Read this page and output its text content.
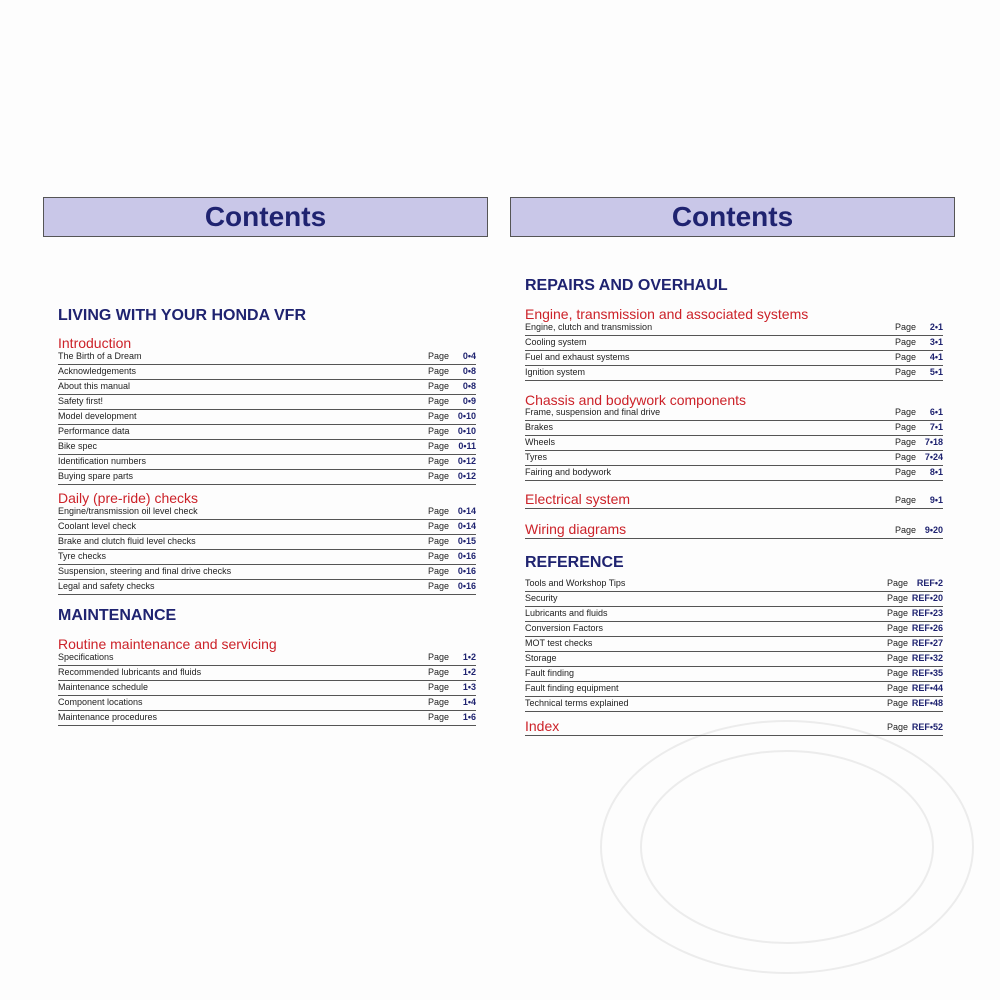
Contents
LIVING WITH YOUR HONDA VFR
Introduction
The Birth of a Dream	Page 0•4
Acknowledgements	Page 0•8
About this manual	Page 0•8
Safety first!	Page 0•9
Model development	Page 0•10
Performance data	Page 0•10
Bike spec	Page 0•11
Identification numbers	Page 0•12
Buying spare parts	Page 0•12
Daily (pre-ride) checks
Engine/transmission oil level check	Page 0•14
Coolant level check	Page 0•14
Brake and clutch fluid level checks	Page 0•15
Tyre checks	Page 0•16
Suspension, steering and final drive checks	Page 0•16
Legal and safety checks	Page 0•16
MAINTENANCE
Routine maintenance and servicing
Specifications	Page 1•2
Recommended lubricants and fluids	Page 1•2
Maintenance schedule	Page 1•3
Component locations	Page 1•4
Maintenance procedures	Page 1•6
Contents
REPAIRS AND OVERHAUL
Engine, transmission and associated systems
Engine, clutch and transmission	Page 2•1
Cooling system	Page 3•1
Fuel and exhaust systems	Page 4•1
Ignition system	Page 5•1
Chassis and bodywork components
Frame, suspension and final drive	Page 6•1
Brakes	Page 7•1
Wheels	Page 7•18
Tyres	Page 7•24
Fairing and bodywork	Page 8•1
Electrical system	Page 9•1
Wiring diagrams	Page 9•20
REFERENCE
Tools and Workshop Tips	Page REF•2
Security	Page REF•20
Lubricants and fluids	Page REF•23
Conversion Factors	Page REF•26
MOT test checks	Page REF•27
Storage	Page REF•32
Fault finding	Page REF•35
Fault finding equipment	Page REF•44
Technical terms explained	Page REF•48
Index	Page REF•52
